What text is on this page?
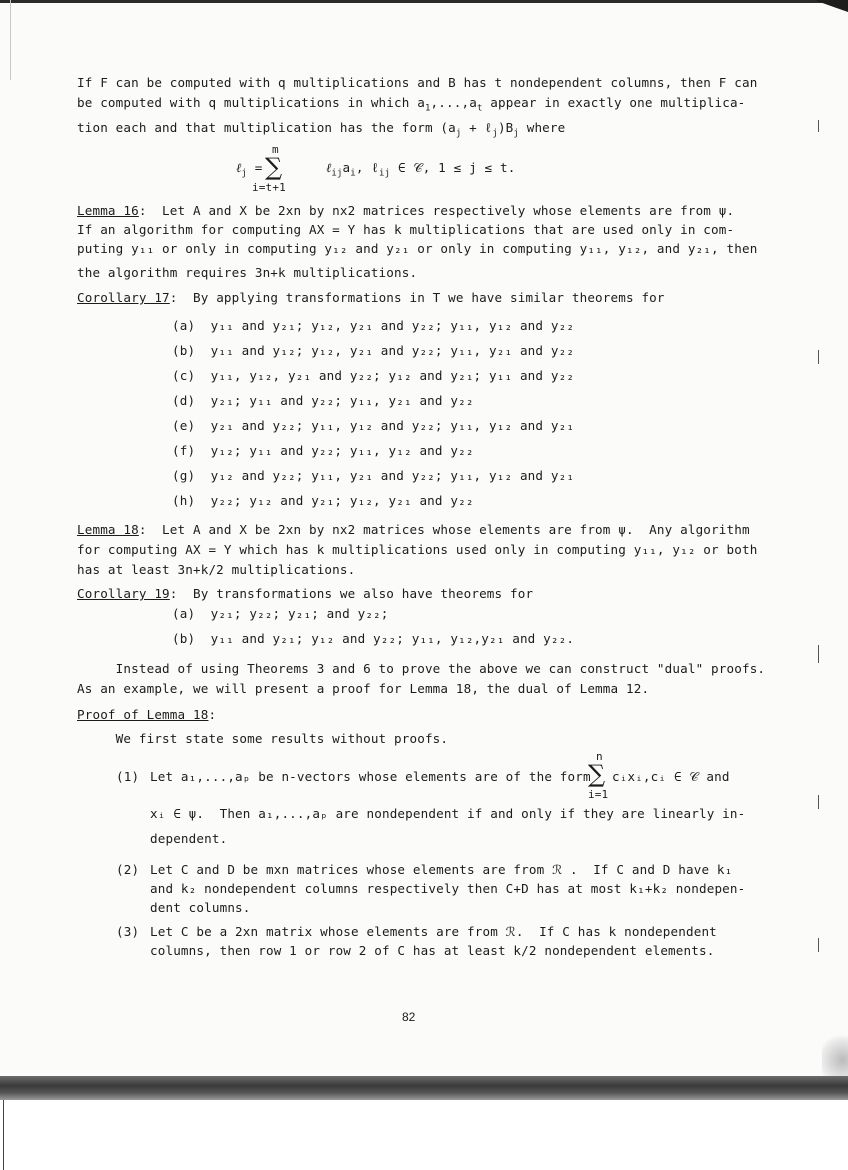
If F can be computed with q multiplications and B has t nondependent columns, then F can
be computed with q multiplications in which $a_1,...,a_t$ appear in exactly one multiplica-
tion each and that multiplication has the form ($a_j$ + $\ell_j)B_j$ where
m
ℓ$_j$ = ∑	$\ell_{ij}a_i$, ℓ$_{ij}$ ∈ 𝒞, 1 ≤ j ≤ t.
i=t+1
Lemma 16:  Let A and X be 2xn by nx2 matrices respectively whose elements are from ψ.
If an algorithm for computing AX = Y has k multiplications that are used only in com-
puting y₁₁ or only in computing y₁₂ and y₂₁ or only in computing y₁₁, y₁₂, and y₂₁, then
the algorithm requires 3n+k multiplications.
Corollary 17:  By applying transformations in T we have similar theorems for
(a) y₁₁ and y₂₁; y₁₂, y₂₁ and y₂₂; y₁₁, y₁₂ and y₂₂
(b) y₁₁ and y₁₂; y₁₂, y₂₁ and y₂₂; y₁₁, y₂₁ and y₂₂
(c) y₁₁, y₁₂, y₂₁ and y₂₂; y₁₂ and y₂₁; y₁₁ and y₂₂
(d) y₂₁; y₁₁ and y₂₂; y₁₁, y₂₁ and y₂₂
(e) y₂₁ and y₂₂; y₁₁, y₁₂ and y₂₂; y₁₁, y₁₂ and y₂₁
(f) y₁₂; y₁₁ and y₂₂; y₁₁, y₁₂ and y₂₂
(g) y₁₂ and y₂₂; y₁₁, y₂₁ and y₂₂; y₁₁, y₁₂ and y₂₁
(h) y₂₂; y₁₂ and y₂₁; y₁₂, y₂₁ and y₂₂
Lemma 18:  Let A and X be 2xn by nx2 matrices whose elements are from ψ.  Any algorithm
for computing AX = Y which has k multiplications used only in computing y₁₁, y₁₂ or both
has at least 3n+k/2 multiplications.
Corollary 19:  By transformations we also have theorems for
(a) y₂₁; y₂₂; y₂₁; and y₂₂;
(b) y₁₁ and y₂₁; y₁₂ and y₂₂; y₁₁, y₁₂,y₂₁ and y₂₂.
Instead of using Theorems 3 and 6 to prove the above we can construct "dual" proofs.
As an example, we will present a proof for Lemma 18, the dual of Lemma 12.
Proof of Lemma 18:
We first state some results without proofs.
(1) Let a₁,...,aₚ be n-vectors whose elements are of the form
n
∑
i=1
cᵢxᵢ,cᵢ ∈ 𝒞 and
xᵢ ∈ ψ.  Then a₁,...,aₚ are nondependent if and only if they are linearly in-
dependent.
(2) Let C and D be mxn matrices whose elements are from ℛ .  If C and D have k₁
and k₂ nondependent columns respectively then C+D has at most k₁+k₂ nondepen-
dent columns.
(3) Let C be a 2xn matrix whose elements are from ℛ.  If C has k nondependent
columns, then row 1 or row 2 of C has at least k/2 nondependent elements.
82
